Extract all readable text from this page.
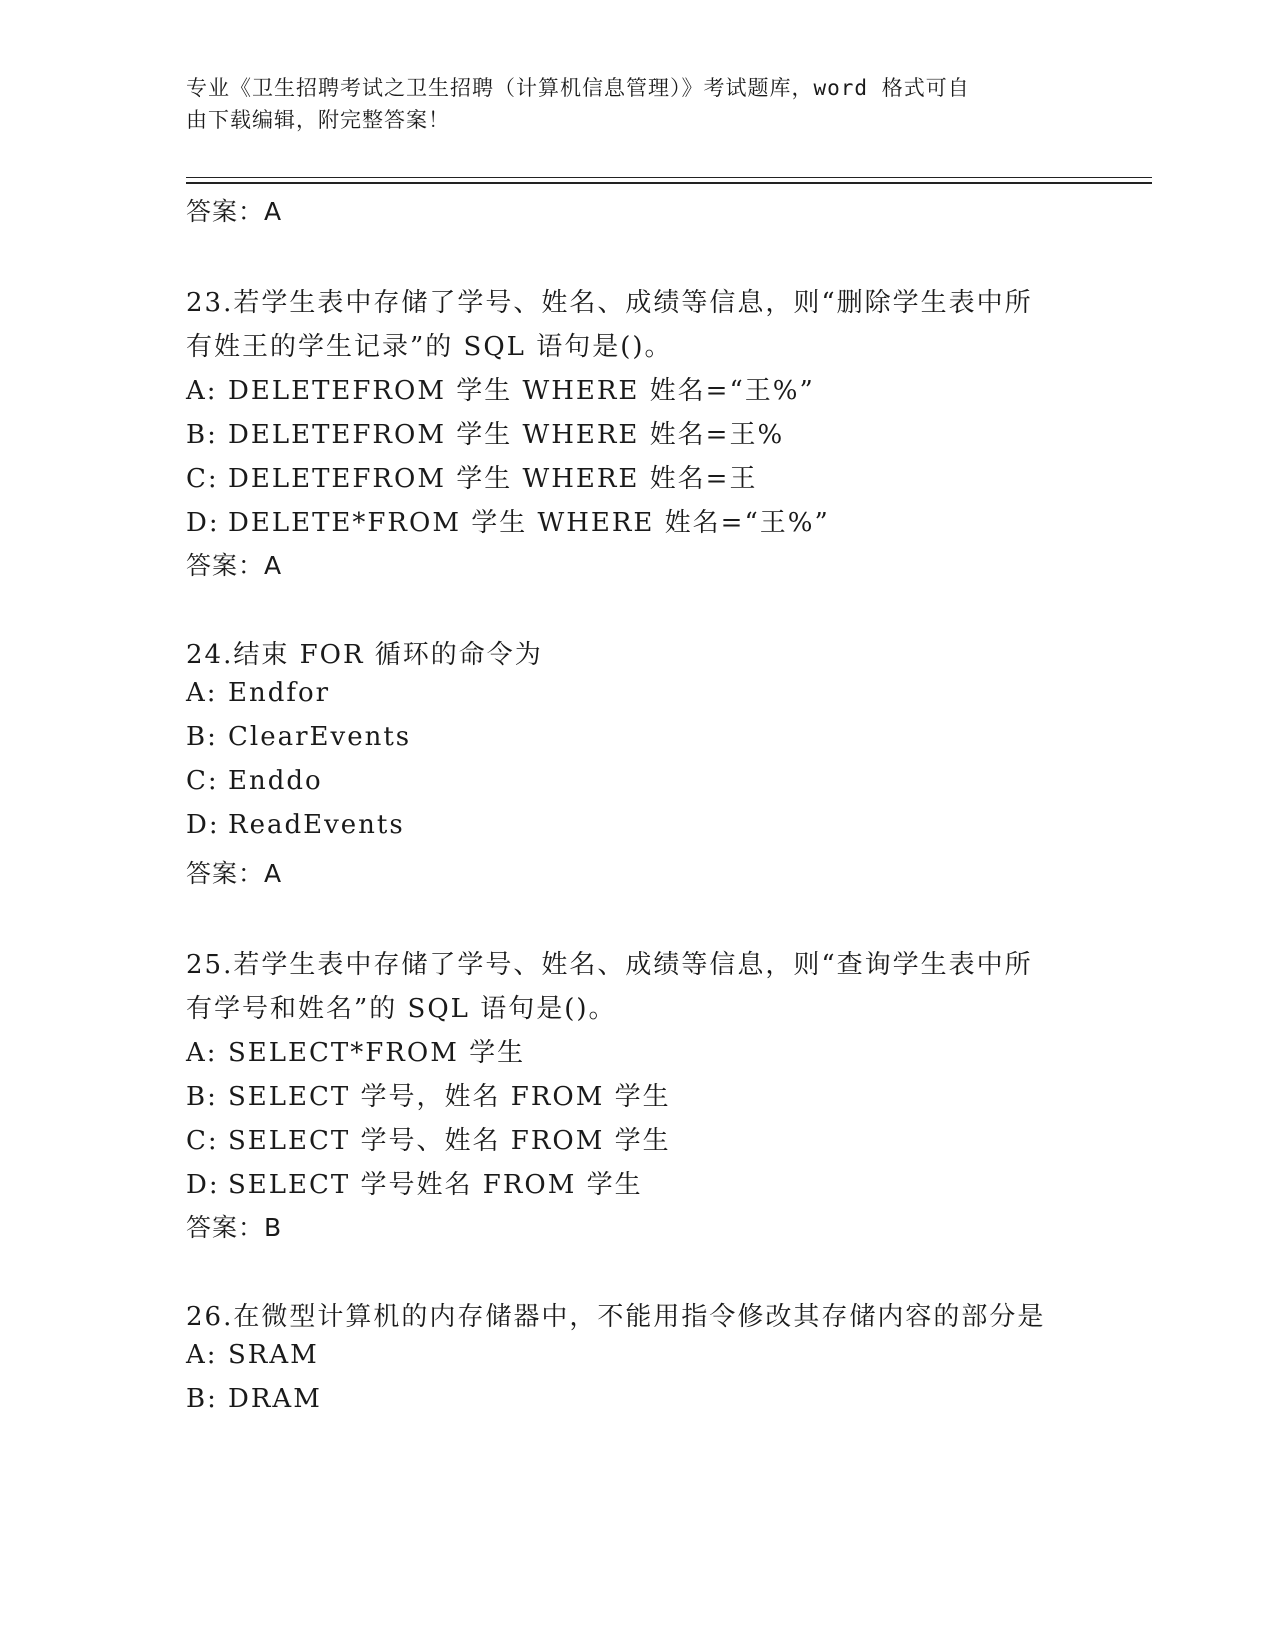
专业《卫生招聘考试之卫生招聘（计算机信息管理）》考试题库，word 格式可自
由下载编辑，附完整答案！
答案：A
23.若学生表中存储了学号、姓名、成绩等信息，则“删除学生表中所
有姓王的学生记录”的 SQL 语句是()。
A: DELETEFROM 学生 WHERE 姓名=“王%”
B: DELETEFROM 学生 WHERE 姓名=王%
C: DELETEFROM 学生 WHERE 姓名=王
D: DELETE*FROM 学生 WHERE 姓名=“王%”
答案：A
24.结束 FOR 循环的命令为
A: Endfor
B: ClearEvents
C: Enddo
D: ReadEvents
答案：A
25.若学生表中存储了学号、姓名、成绩等信息，则“查询学生表中所
有学号和姓名”的 SQL 语句是()。
A: SELECT*FROM 学生
B: SELECT 学号，姓名 FROM 学生
C: SELECT 学号、姓名 FROM 学生
D: SELECT 学号姓名 FROM 学生
答案：B
26.在微型计算机的内存储器中，不能用指令修改其存储内容的部分是
A: SRAM
B: DRAM
